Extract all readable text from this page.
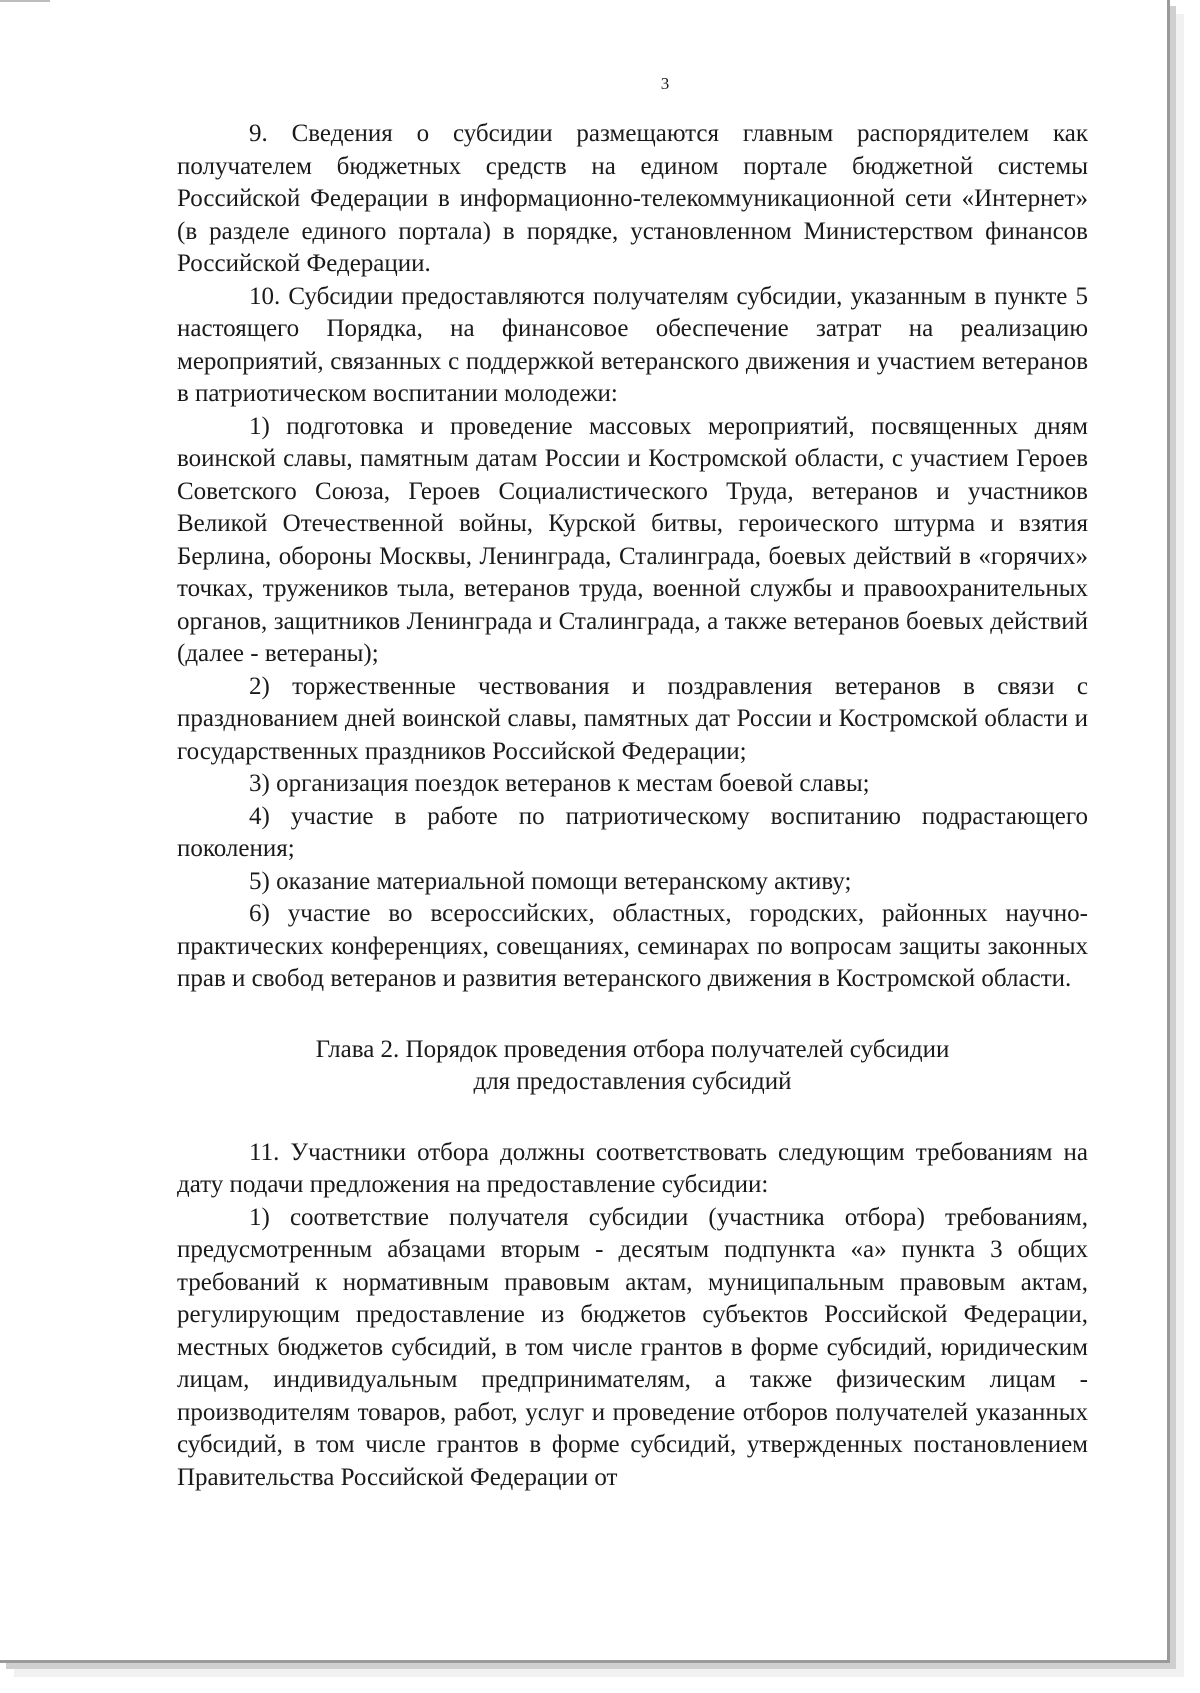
3

9. Сведения о субсидии размещаются главным распорядителем как получателем бюджетных средств на едином портале бюджетной системы Российской Федерации в информационно-телекоммуникационной сети «Интернет» (в разделе единого портала) в порядке, установленном Министерством финансов Российской Федерации.

10. Субсидии предоставляются получателям субсидии, указанным в пункте 5 настоящего Порядка, на финансовое обеспечение затрат на реализацию мероприятий, связанных с поддержкой ветеранского движения и участием ветеранов в патриотическом воспитании молодежи:

1) подготовка и проведение массовых мероприятий, посвященных дням воинской славы, памятным датам России и Костромской области, с участием Героев Советского Союза, Героев Социалистического Труда, ветеранов и участников Великой Отечественной войны, Курской битвы, героического штурма и взятия Берлина, обороны Москвы, Ленинграда, Сталинграда, боевых действий в «горячих» точках, тружеников тыла, ветеранов труда, военной службы и правоохранительных органов, защитников Ленинграда и Сталинграда, а также ветеранов боевых действий (далее - ветераны);

2) торжественные чествования и поздравления ветеранов в связи с празднованием дней воинской славы, памятных дат России и Костромской области и государственных праздников Российской Федерации;

3) организация поездок ветеранов к местам боевой славы;

4) участие в работе по патриотическому воспитанию подрастающего поколения;

5) оказание материальной помощи ветеранскому активу;

6) участие во всероссийских, областных, городских, районных научно-практических конференциях, совещаниях, семинарах по вопросам защиты законных прав и свобод ветеранов и развития ветеранского движения в Костромской области.

Глава 2. Порядок проведения отбора получателей субсидии
для предоставления субсидий

11. Участники отбора должны соответствовать следующим требованиям на дату подачи предложения на предоставление субсидии:

1) соответствие получателя субсидии (участника отбора) требованиям, предусмотренным абзацами вторым - десятым подпункта «а» пункта 3 общих требований к нормативным правовым актам, муниципальным правовым актам, регулирующим предоставление из бюджетов субъектов Российской Федерации, местных бюджетов субсидий, в том числе грантов в форме субсидий, юридическим лицам, индивидуальным предпринимателям, а также физическим лицам - производителям товаров, работ, услуг и проведение отборов получателей указанных субсидий, в том числе грантов в форме субсидий, утвержденных постановлением Правительства Российской Федерации от
